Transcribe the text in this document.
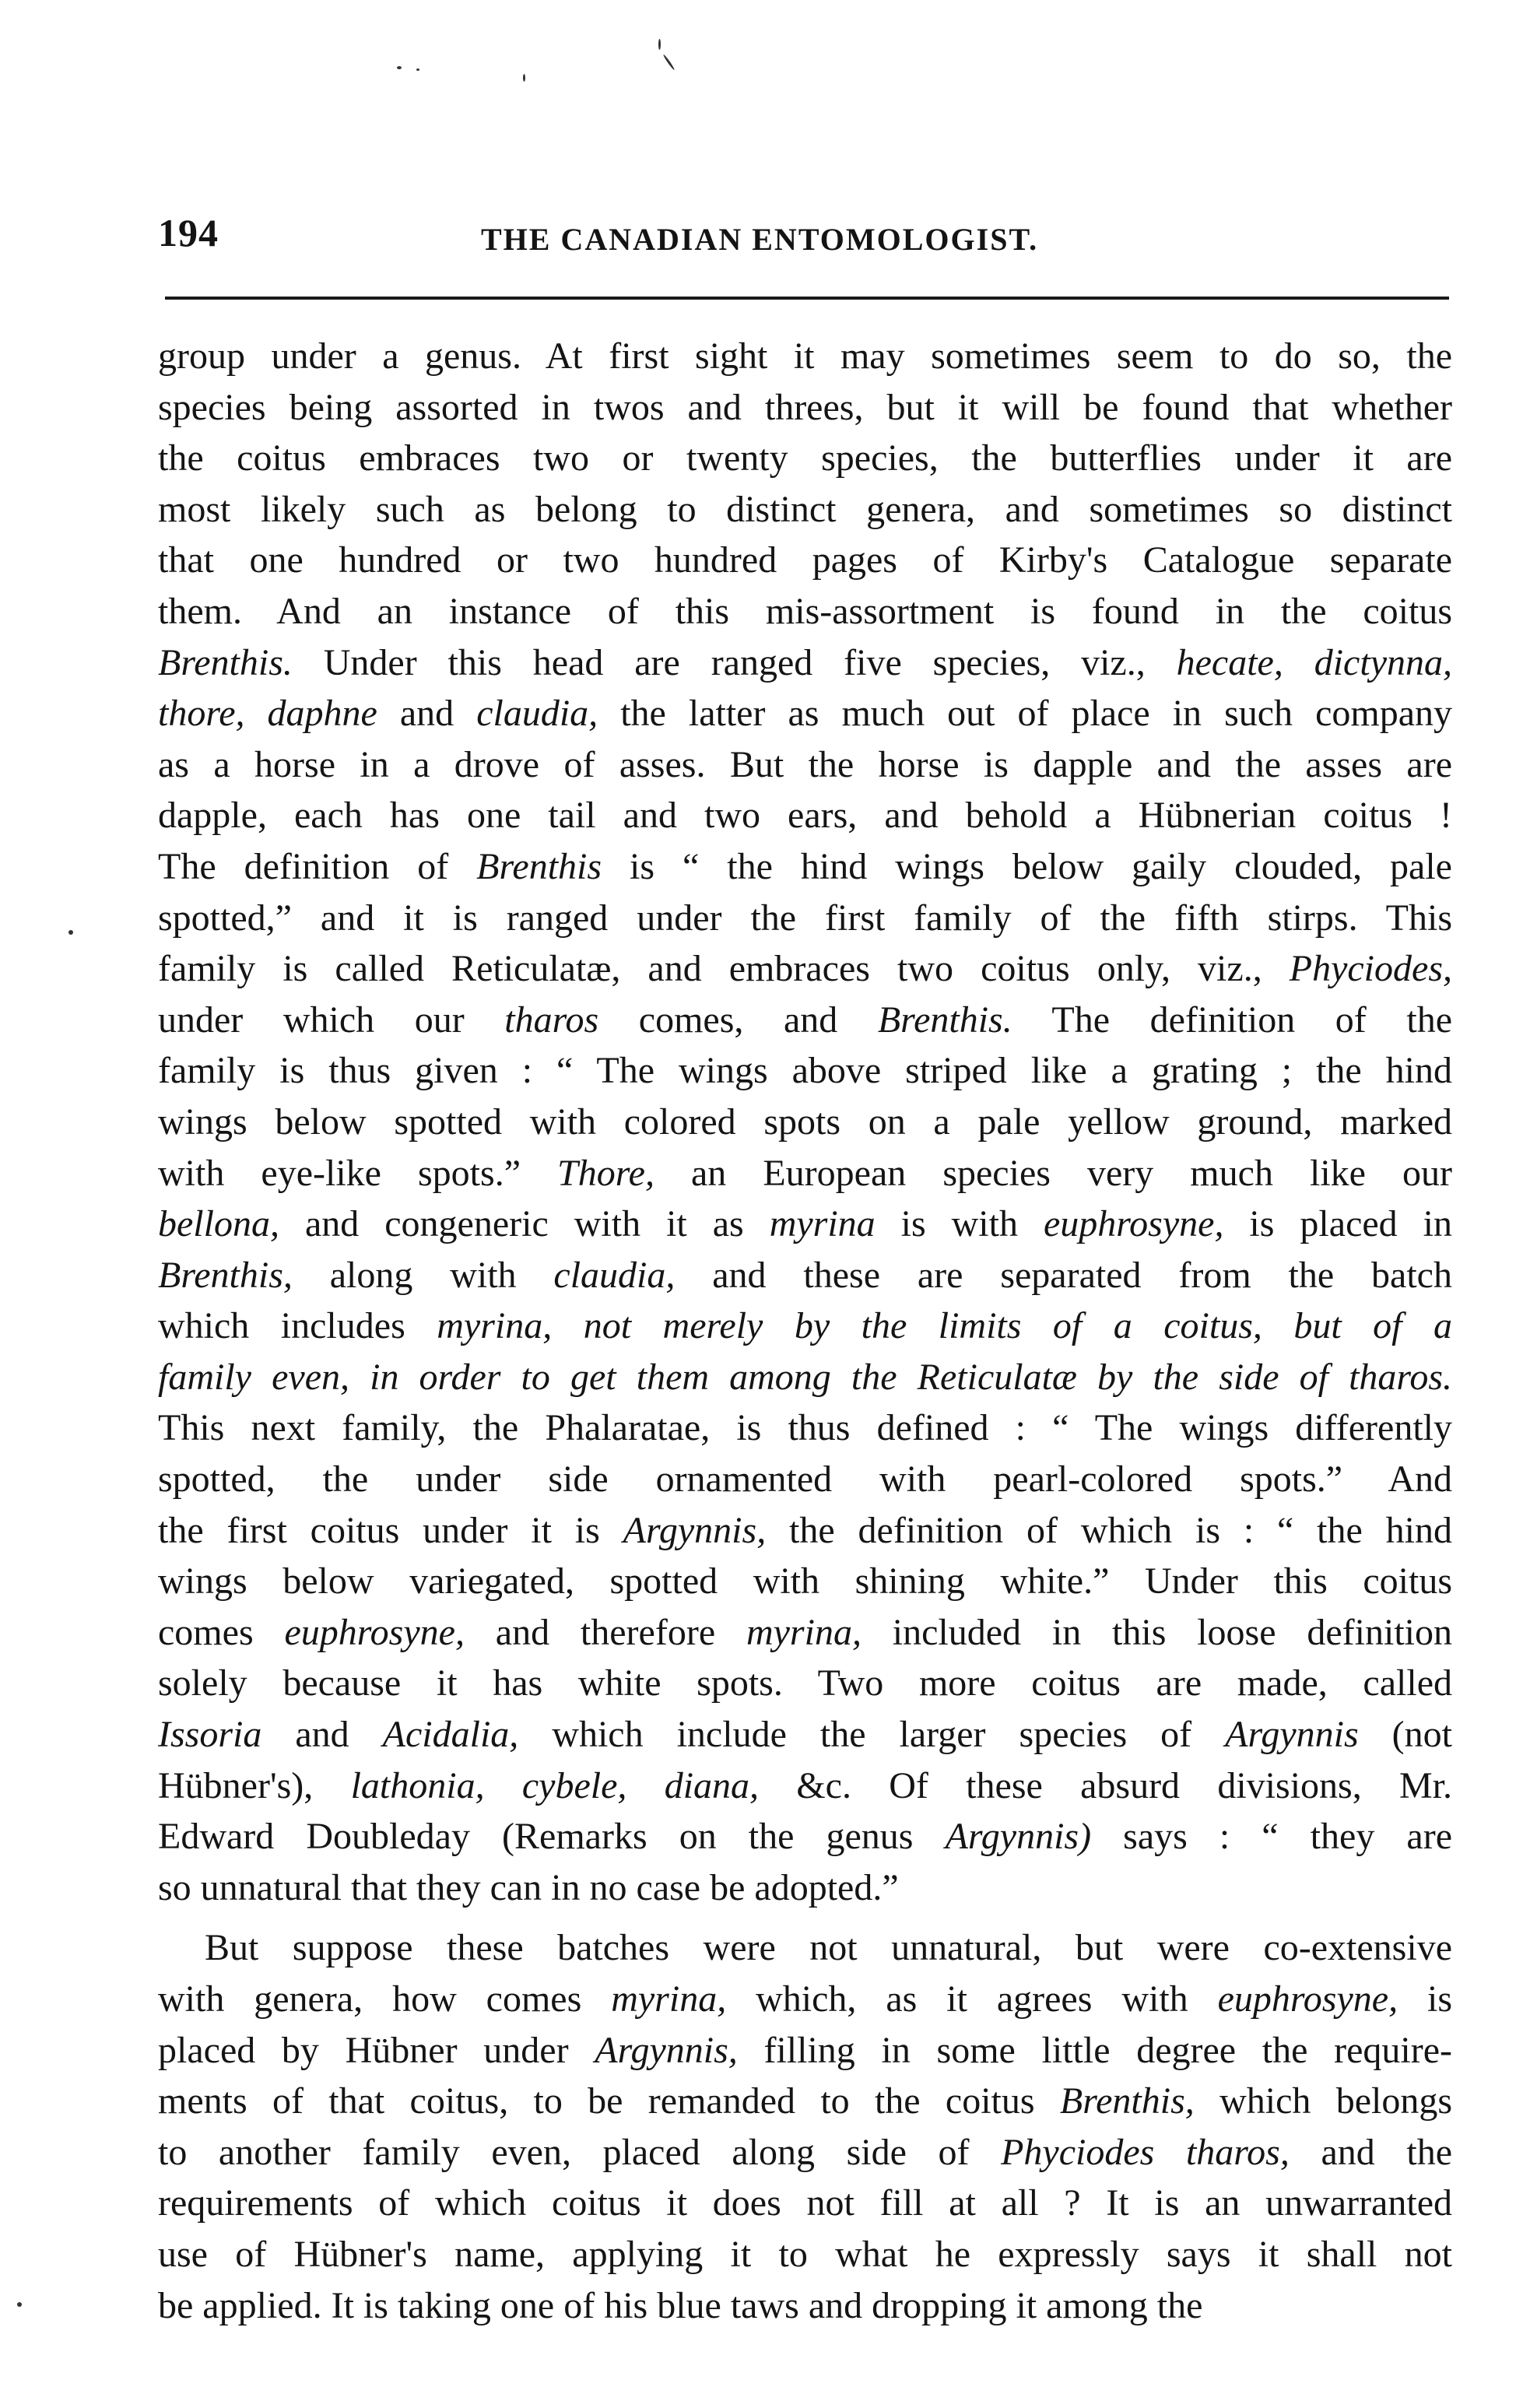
194	THE CANADIAN ENTOMOLOGIST.
group under a genus. At first sight it may sometimes seem to do so, the
species being assorted in twos and threes, but it will be found that whether
the coitus embraces two or twenty species, the butterflies under it are
most likely such as belong to distinct genera, and sometimes so distinct
that one hundred or two hundred pages of Kirby's Catalogue separate
them. And an instance of this mis-assortment is found in the coitus
Brenthis. Under this head are ranged five species, viz., hecate, dictynna,
thore, daphne and claudia, the latter as much out of place in such company
as a horse in a drove of asses. But the horse is dapple and the asses are
dapple, each has one tail and two ears, and behold a Hübnerian coitus !
The definition of Brenthis is “ the hind wings below gaily clouded, pale
spotted,” and it is ranged under the first family of the fifth stirps. This
family is called Reticulatæ, and embraces two coitus only, viz., Phyciodes,
under which our tharos comes, and Brenthis. The definition of the
family is thus given : “ The wings above striped like a grating ; the hind
wings below spotted with colored spots on a pale yellow ground, marked
with eye-like spots.” Thore, an European species very much like our
bellona, and congeneric with it as myrina is with euphrosyne, is placed in
Brenthis, along with claudia, and these are separated from the batch
which includes myrina, not merely by the limits of a coitus, but of a
family even, in order to get them among the Reticulatæ by the side of tharos.
This next family, the Phalaratae, is thus defined : “ The wings differently
spotted, the under side ornamented with pearl-colored spots.” And
the first coitus under it is Argynnis, the definition of which is : “ the hind
wings below variegated, spotted with shining white.” Under this coitus
comes euphrosyne, and therefore myrina, included in this loose definition
solely because it has white spots. Two more coitus are made, called
Issoria and Acidalia, which include the larger species of Argynnis (not
Hübner's), lathonia, cybele, diana, &c. Of these absurd divisions, Mr.
Edward Doubleday (Remarks on the genus Argynnis) says : “ they are
so unnatural that they can in no case be adopted.”
But suppose these batches were not unnatural, but were co-extensive
with genera, how comes myrina, which, as it agrees with euphrosyne, is
placed by Hübner under Argynnis, filling in some little degree the require-
ments of that coitus, to be remanded to the coitus Brenthis, which belongs
to another family even, placed along side of Phyciodes tharos, and the
requirements of which coitus it does not fill at all ? It is an unwarranted
use of Hübner's name, applying it to what he expressly says it shall not
be applied. It is taking one of his blue taws and dropping it among the
